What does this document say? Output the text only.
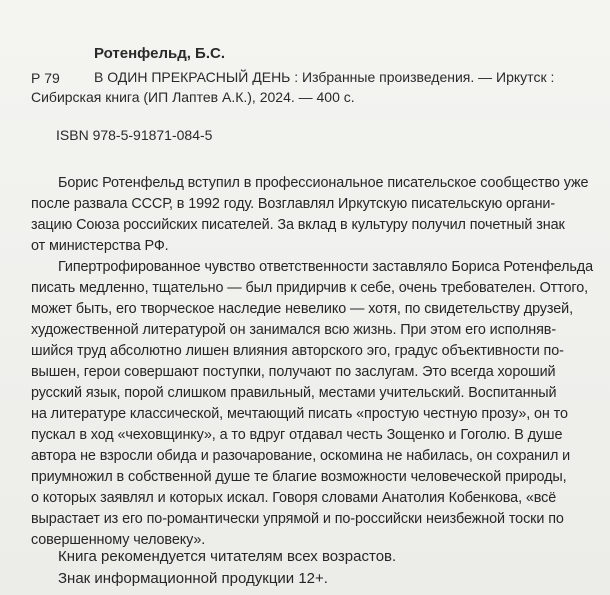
Ротенфельд, Б.С.
Р 79 В ОДИН ПРЕКРАСНЫЙ ДЕНЬ : Избранные произведения. — Иркутск :
Сибирская книга (ИП Лаптев А.К.), 2024. — 400 с.
ISBN 978-5-91871-084-5
Борис Ротенфельд вступил в профессиональное писательское сообщество уже
после развала СССР, в 1992 году. Возглавлял Иркутскую писательскую органи-
зацию Союза российских писателей. За вклад в культуру получил почетный знак
от министерства РФ.
Гипертрофированное чувство ответственности заставляло Бориса Ротенфельда
писать медленно, тщательно — был придирчив к себе, очень требователен. Оттого,
может быть, его творческое наследие невелико — хотя, по свидетельству друзей,
художественной литературой он занимался всю жизнь. При этом его исполняв-
шийся труд абсолютно лишен влияния авторского эго, градус объективности по-
вышен, герои совершают поступки, получают по заслугам. Это всегда хороший
русский язык, порой слишком правильный, местами учительский. Воспитанный
на литературе классической, мечтающий писать «простую честную прозу», он то
пускал в ход «чеховщинку», а то вдруг отдавал честь Зощенко и Гоголю. В душе
автора не взросли обида и разочарование, оскомина не набилась, он сохранил и
приумножил в собственной душе те благие возможности человеческой природы,
о которых заявлял и которых искал. Говоря словами Анатолия Кобенкова, «всё
вырастает из его по-романтически упрямой и по-российски неизбежной тоски по
совершенному человеку».
Книга рекомендуется читателям всех возрастов.
Знак информационной продукции 12+.
